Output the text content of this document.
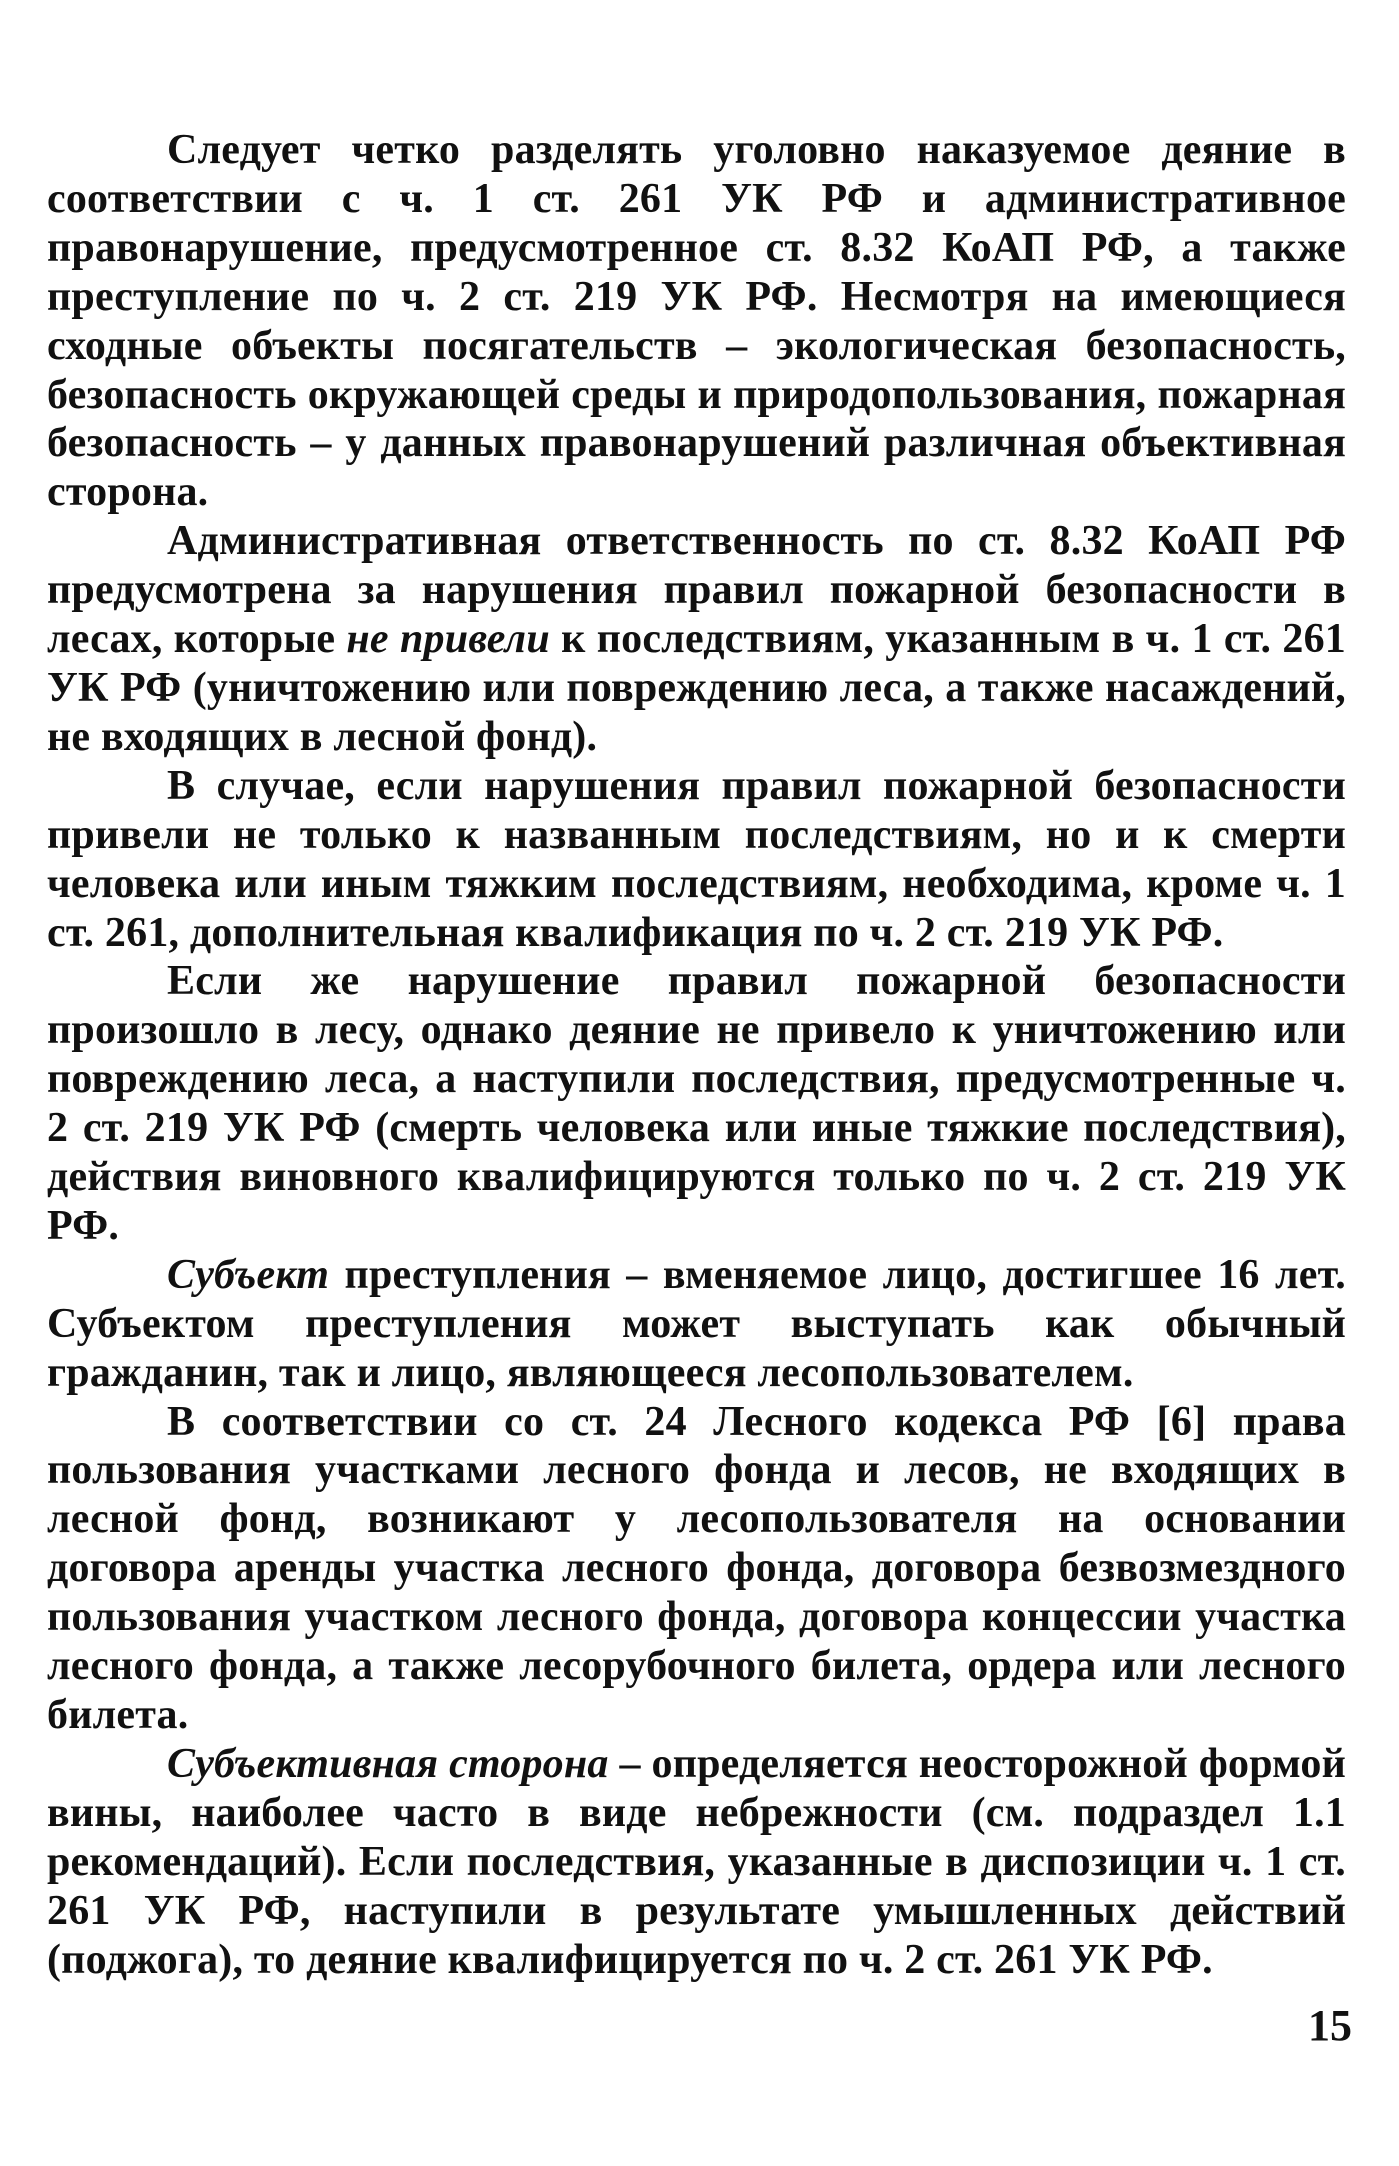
Следует четко разделять уголовно наказуемое деяние в соответствии с ч. 1 ст. 261 УК РФ и административное правонарушение, предусмотренное ст. 8.32 КоАП РФ, а также преступление по ч. 2 ст. 219 УК РФ. Несмотря на имеющиеся сходные объекты посягательств – экологическая безопасность, безопасность окружающей среды и природопользования, пожарная безопасность – у данных правонарушений различная объективная сторона.

Административная ответственность по ст. 8.32 КоАП РФ предусмотрена за нарушения правил пожарной безопасности в лесах, которые не привели к последствиям, указанным в ч. 1 ст. 261 УК РФ (уничтожению или повреждению леса, а также насаждений, не входящих в лесной фонд).

В случае, если нарушения правил пожарной безопасности привели не только к названным последствиям, но и к смерти человека или иным тяжким последствиям, необходима, кроме ч. 1 ст. 261, дополнительная квалификация по ч. 2 ст. 219 УК РФ.

Если же нарушение правил пожарной безопасности произошло в лесу, однако деяние не привело к уничтожению или повреждению леса, а наступили последствия, предусмотренные ч. 2 ст. 219 УК РФ (смерть человека или иные тяжкие последствия), действия виновного квалифицируются только по ч. 2 ст. 219 УК РФ.

Субъект преступления – вменяемое лицо, достигшее 16 лет. Субъектом преступления может выступать как обычный гражданин, так и лицо, являющееся лесопользователем.

В соответствии со ст. 24 Лесного кодекса РФ [6] права пользования участками лесного фонда и лесов, не входящих в лесной фонд, возникают у лесопользователя на основании договора аренды участка лесного фонда, договора безвозмездного пользования участком лесного фонда, договора концессии участка лесного фонда, а также лесорубочного билета, ордера или лесного билета.

Субъективная сторона – определяется неосторожной формой вины, наиболее часто в виде небрежности (см. подраздел 1.1 рекомендаций). Если последствия, указанные в диспозиции ч. 1 ст. 261 УК РФ, наступили в результате умышленных действий (поджога), то деяние квалифицируется по ч. 2 ст. 261 УК РФ.

15
